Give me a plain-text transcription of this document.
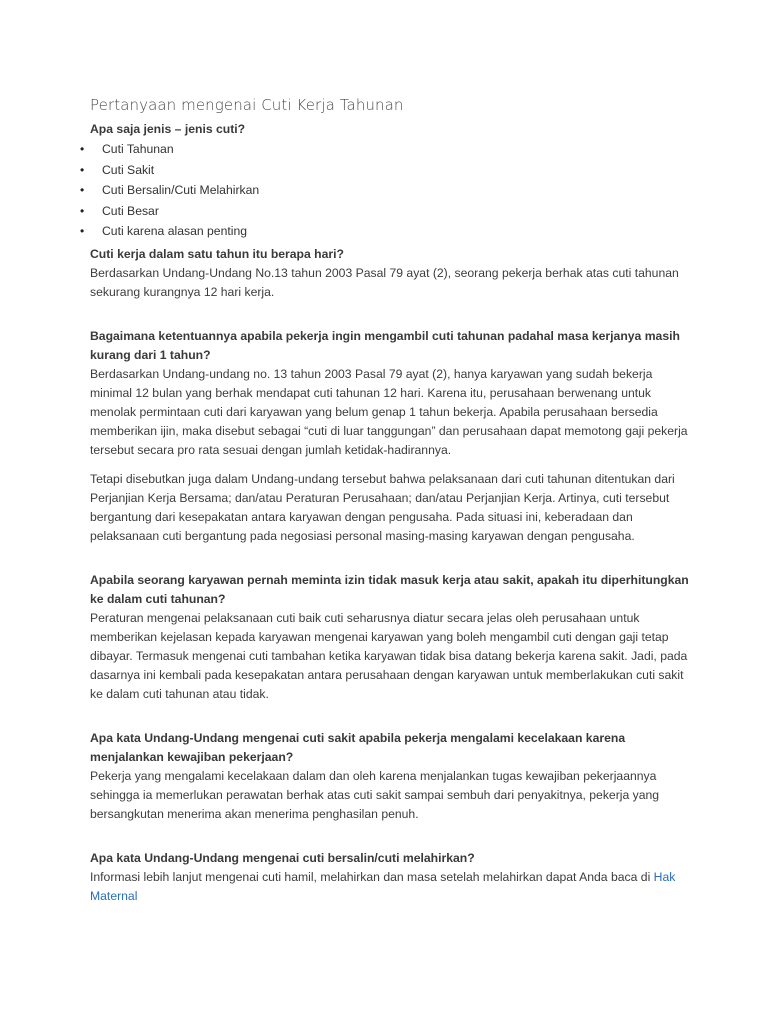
Pertanyaan mengenai Cuti Kerja Tahunan

Apa saja jenis – jenis cuti?

• Cuti Tahunan
• Cuti Sakit
• Cuti Bersalin/Cuti Melahirkan
• Cuti Besar
• Cuti karena alasan penting

Cuti kerja dalam satu tahun itu berapa hari?

Berdasarkan Undang-Undang No.13 tahun 2003 Pasal 79 ayat (2), seorang pekerja berhak atas cuti tahunan

sekurang kurangnya 12 hari kerja.

Bagaimana ketentuannya apabila pekerja ingin mengambil cuti tahunan padahal masa kerjanya masih

kurang dari 1 tahun?

Berdasarkan Undang-undang no. 13 tahun 2003 Pasal 79 ayat (2), hanya karyawan yang sudah bekerja

minimal 12 bulan yang berhak mendapat cuti tahunan 12 hari. Karena itu, perusahaan berwenang untuk

menolak permintaan cuti dari karyawan yang belum genap 1 tahun bekerja. Apabila perusahaan bersedia

memberikan ijin, maka disebut sebagai “cuti di luar tanggungan” dan perusahaan dapat memotong gaji pekerja

tersebut secara pro rata sesuai dengan jumlah ketidak-hadirannya.

Tetapi disebutkan juga dalam Undang-undang tersebut bahwa pelaksanaan dari cuti tahunan ditentukan dari

Perjanjian Kerja Bersama; dan/atau Peraturan Perusahaan; dan/atau Perjanjian Kerja. Artinya, cuti tersebut

bergantung dari kesepakatan antara karyawan dengan pengusaha. Pada situasi ini, keberadaan dan

pelaksanaan cuti bergantung pada negosiasi personal masing-masing karyawan dengan pengusaha.

Apabila seorang karyawan pernah meminta izin tidak masuk kerja atau sakit, apakah itu diperhitungkan

ke dalam cuti tahunan?

Peraturan mengenai pelaksanaan cuti baik cuti seharusnya diatur secara jelas oleh perusahaan untuk

memberikan kejelasan kepada karyawan mengenai karyawan yang boleh mengambil cuti dengan gaji tetap

dibayar. Termasuk mengenai cuti tambahan ketika karyawan tidak bisa datang bekerja karena sakit. Jadi, pada

dasarnya ini kembali pada kesepakatan antara perusahaan dengan karyawan untuk memberlakukan cuti sakit

ke dalam cuti tahunan atau tidak.

Apa kata Undang-Undang mengenai cuti sakit apabila pekerja mengalami kecelakaan karena

menjalankan kewajiban pekerjaan?

Pekerja yang mengalami kecelakaan dalam dan oleh karena menjalankan tugas kewajiban pekerjaannya

sehingga ia memerlukan perawatan berhak atas cuti sakit sampai sembuh dari penyakitnya, pekerja yang

bersangkutan menerima akan menerima penghasilan penuh.

Apa kata Undang-Undang mengenai cuti bersalin/cuti melahirkan?

Informasi lebih lanjut mengenai cuti hamil, melahirkan dan masa setelah melahirkan dapat Anda baca di Hak

Maternal
